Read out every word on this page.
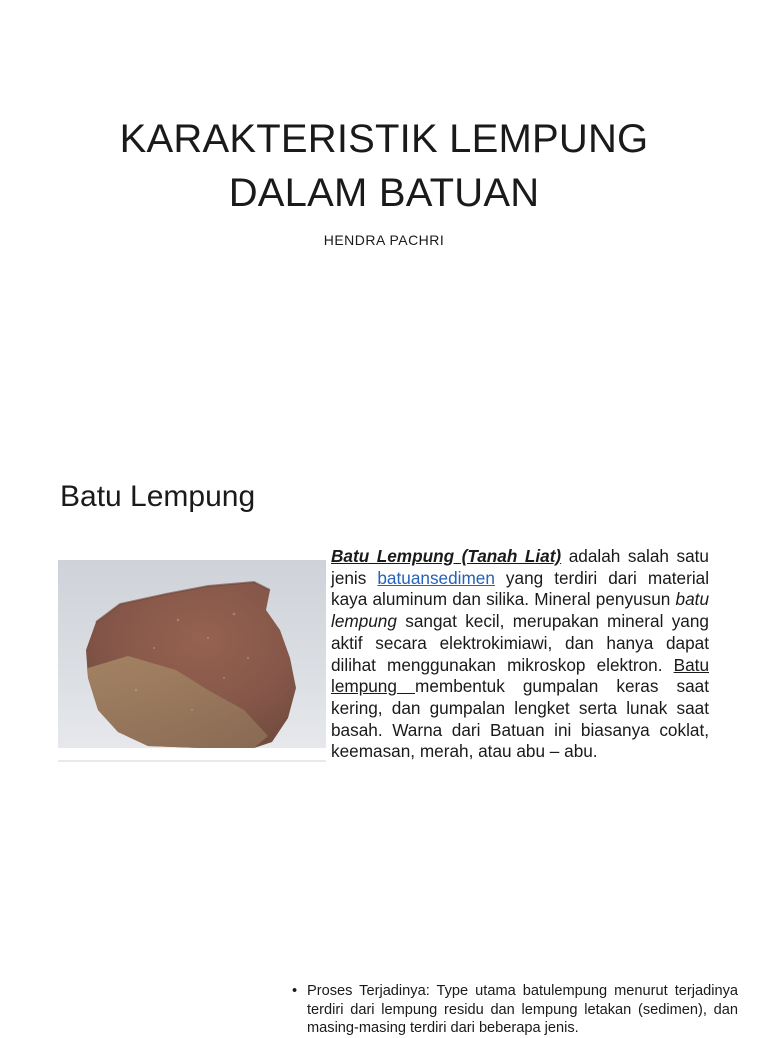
KARAKTERISTIK LEMPUNG
DALAM BATUAN
HENDRA PACHRI
Batu Lempung

Batu Lempung (Tanah Liat) adalah salah satu jenis batuansedimen yang terdiri dari material kaya aluminum dan silika. Mineral penyusun batu lempung sangat kecil, merupakan mineral yang aktif secara elektrokimiawi, dan hanya dapat dilihat menggunakan mikroskop elektron. Batu lempung membentuk gumpalan keras saat kering, dan gumpalan lengket serta lunak saat basah. Warna dari Batuan ini biasanya coklat, keemasan, merah, atau abu – abu.

• Proses Terjadinya: Type utama batulempung menurut terjadinya terdiri dari lempung residu dan lempung letakan (sedimen), dan masing-masing terdiri dari beberapa jenis.
